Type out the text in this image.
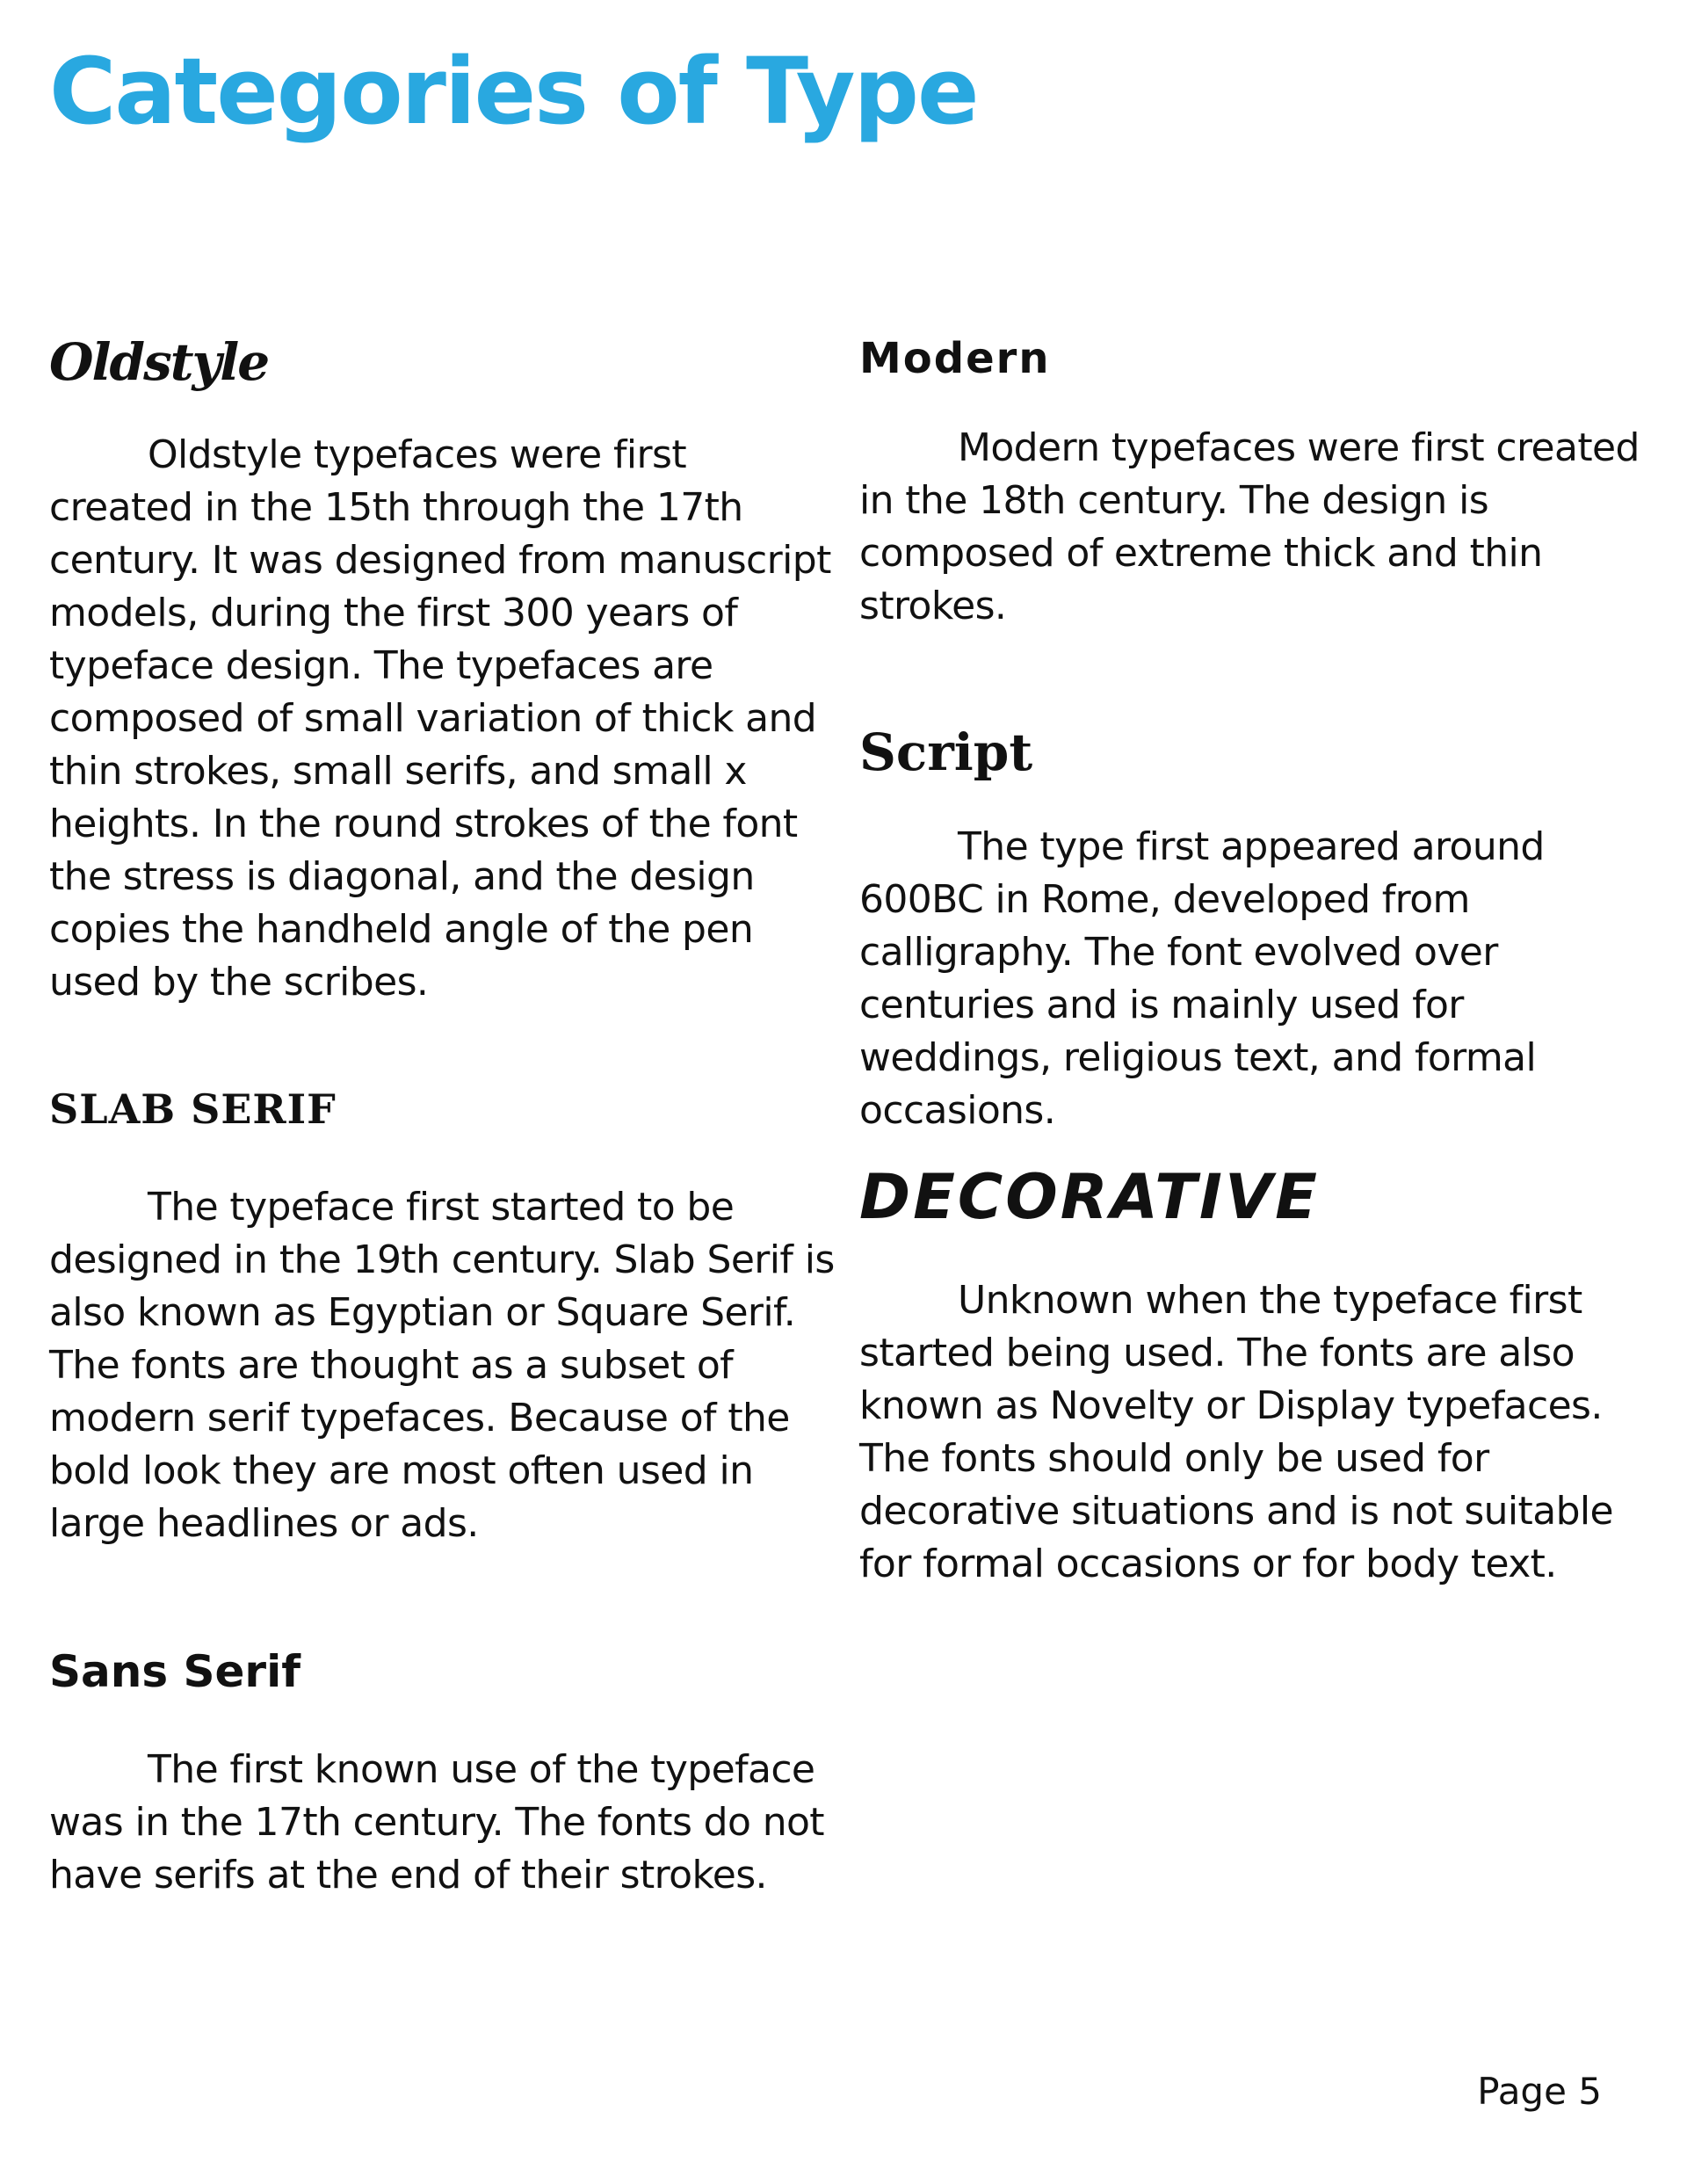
Categories of Type
Oldstyle

Oldstyle typefaces were first created in the 15th through the 17th century. It was designed from manuscript models, during the first 300 years of typeface design. The typefaces are composed of small variation of thick and thin strokes, small serifs, and small x heights. In the round strokes of the font the stress is diagonal, and the design copies the handheld angle of the pen used by the scribes.

SLAB SERIF

The typeface first started to be designed in the 19th century. Slab Serif is also known as Egyptian or Square Serif. The fonts are thought as a subset of modern serif typefaces. Because of the bold look they are most often used in large headlines or ads.

Sans Serif

The first known use of the typeface was in the 17th century. The fonts do not have serifs at the end of their strokes.

Modern

Modern typefaces were first created in the 18th century. The design is composed of extreme thick and thin strokes.

Script

The type first appeared around 600BC in Rome, developed from calligraphy. The font evolved over centuries and is mainly used for weddings, religious text, and formal occasions.

DECORATIVE

Unknown when the typeface first started being used. The fonts are also known as Novelty or Display typefaces. The fonts should only be used for decorative situations and is not suitable for formal occasions or for body text.

Page 5
